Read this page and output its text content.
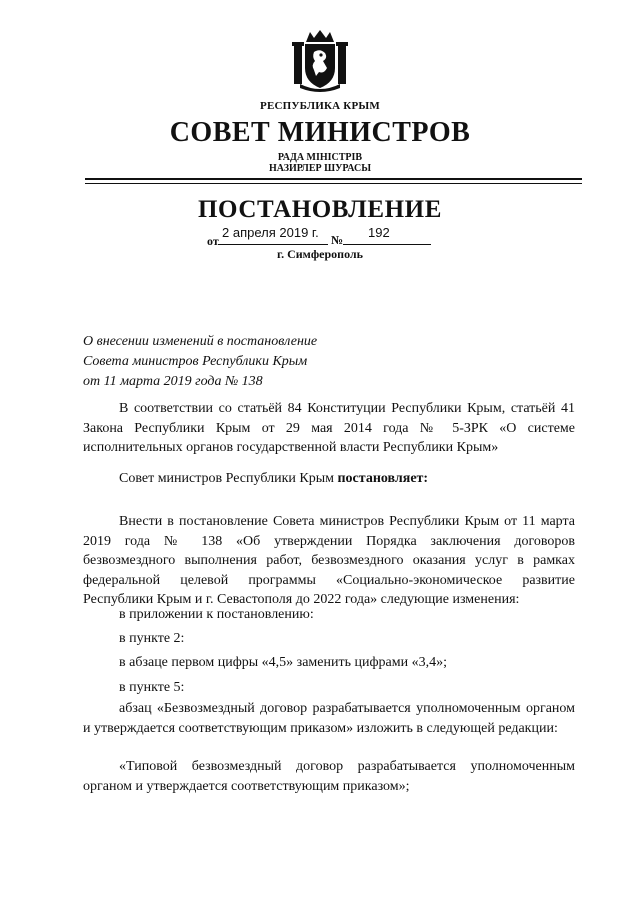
РЕСПУБЛИКА КРЫМ
СОВЕТ МИНИСТРОВ
РАДА МІНІСТРІВ
НАЗИРЛЕР ШУРАСЫ
ПОСТАНОВЛЕНИЕ
от
2 апреля 2019 г. № 192
г. Симферополь
О внесении изменений в постановление
Совета министров Республики Крым
от 11 марта 2019 года № 138
В соответствии со статьёй 84 Конституции Республики Крым, статьёй 41 Закона Республики Крым от 29 мая 2014 года № 5-ЗРК «О системе исполнительных органов государственной власти Республики Крым»
Совет министров Республики Крым постановляет:
Внести в постановление Совета министров Республики Крым от 11 марта 2019 года № 138 «Об утверждении Порядка заключения договоров безвозмездного выполнения работ, безвозмездного оказания услуг в рамках федеральной целевой программы «Социально-экономическое развитие Республики Крым и г. Севастополя до 2022 года» следующие изменения:
в приложении к постановлению:
в пункте 2:
в абзаце первом цифры «4,5» заменить цифрами «3,4»;
в пункте 5:
абзац «Безвозмездный договор разрабатывается уполномоченным органом и утверждается соответствующим приказом» изложить в следующей редакции:
«Типовой безвозмездный договор разрабатывается уполномоченным органом и утверждается соответствующим приказом»;
